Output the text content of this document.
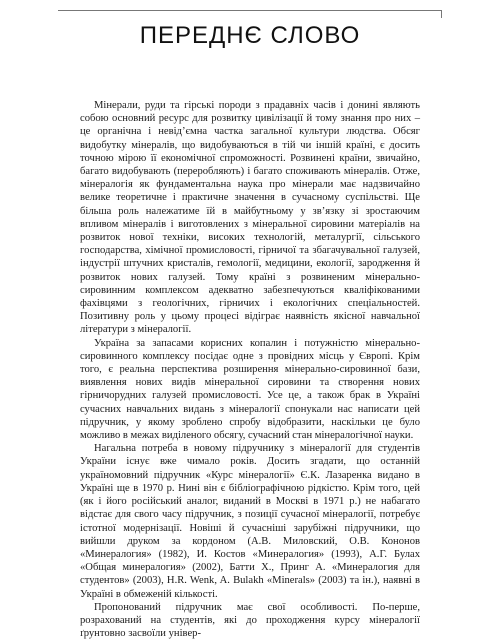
ПЕРЕДНЄ СЛОВО

Мінерали, руди та гірські породи з прадавніх часів і донині являють собою основний ресурс для розвитку цивілізації й тому знання про них – це органічна і невід’ємна частка загальної культури людства. Обсяг видобутку мінералів, що видобуваються в тій чи іншій країні, є досить точною мірою її економічної спроможності. Розвинені країни, звичайно, багато видобувають (переробляють) і багато споживають мінералів. Отже, мінералогія як фундаментальна наука про мінерали має надзвичайно велике теоретичне і практичне значення в сучасному суспільстві. Ще більша роль належатиме їй в майбутньому у зв’язку зі зростаючим впливом мінералів і виготовлених з мінеральної сировини матеріалів на розвиток нової техніки, високих технологій, металургії, сільського господарства, хімічної промисловості, гірничої та збагачувальної галузей, індустрії штучних кристалів, гемології, медицини, екології, зародження й розвиток нових галузей. Тому країні з розвиненим мінерально-сировинним комплексом адекватно забезпечуються кваліфікованими фахівцями з геологічних, гірничих і екологічних спеціальностей. Позитивну роль у цьому процесі відіграє наявність якісної навчальної літератури з мінералогії.

Україна за запасами корисних копалин і потужністю мінерально-сировинного комплексу посідає одне з провідних місць у Європі. Крім того, є реальна перспектива розширення мінерально-сировинної бази, виявлення нових видів мінеральної сировини та створення нових гірничорудних галузей промисловості. Усе це, а також брак в Україні сучасних навчальних видань з мінералогії спонукали нас написати цей підручник, у якому зроблено спробу відобразити, наскільки це було можливо в межах виділеного обсягу, сучасний стан мінералогічної науки.

Нагальна потреба в новому підручнику з мінералогії для студентів України існує вже чимало років. Досить згадати, що останній україномовний підручник «Курс мінералогії» Є.К. Лазаренка видано в Україні ще в 1970 р. Нині він є бібліографічною рідкістю. Крім того, цей (як і його російський аналог, виданий в Москві в 1971 р.) не набагато відстає для свого часу підручник, з позиції сучасної мінералогії, потребує істотної модернізації. Новіші й сучасніші зарубіжні підручники, що вийшли друком за кордоном (А.В. Миловский, О.В. Кононов «Минералогия» (1982), И. Костов «Минералогия» (1993), А.Г. Булах «Общая минералогия» (2002), Батти Х., Принг А. «Минералогия для студентов» (2003), H.R. Wenk, A. Bulakh «Minerals» (2003) та ін.), наявні в Україні в обмеженій кількості.

Пропонований підручник має свої особливості. По-перше, розрахований на студентів, які до проходження курсу мінералогії ґрунтовно засвоїли універ-
